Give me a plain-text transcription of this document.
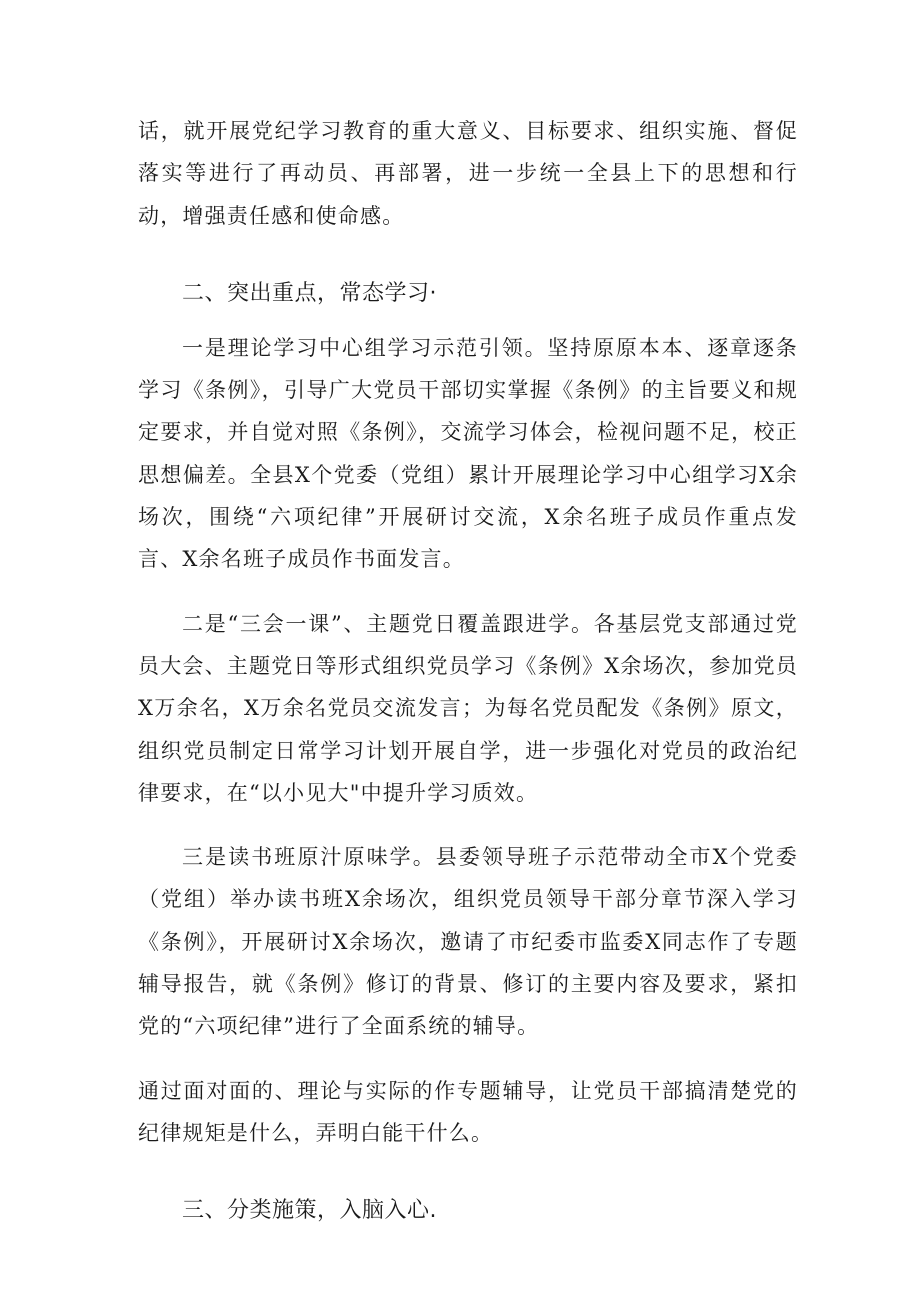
话，就开展党纪学习教育的重大意义、目标要求、组织实施、督促落实等进行了再动员、再部署，进一步统一全县上下的思想和行动，增强责任感和使命感。

二、突出重点，常态学习·

一是理论学习中心组学习示范引领。坚持原原本本、逐章逐条学习《条例》，引导广大党员干部切实掌握《条例》的主旨要义和规定要求，并自觉对照《条例》，交流学习体会，检视问题不足，校正思想偏差。全县X个党委（党组）累计开展理论学习中心组学习X余场次，围绕“六项纪律”开展研讨交流，X余名班子成员作重点发言、X余名班子成员作书面发言。

二是“三会一课”、主题党日覆盖跟进学。各基层党支部通过党员大会、主题党日等形式组织党员学习《条例》X余场次，参加党员X万余名，X万余名党员交流发言；为每名党员配发《条例》原文，组织党员制定日常学习计划开展自学，进一步强化对党员的政治纪律要求，在“以小见大"中提升学习质效。

三是读书班原汁原味学。县委领导班子示范带动全市X个党委（党组）举办读书班X余场次，组织党员领导干部分章节深入学习《条例》，开展研讨X余场次，邀请了市纪委市监委X同志作了专题辅导报告，就《条例》修订的背景、修订的主要内容及要求，紧扣党的“六项纪律”进行了全面系统的辅导。

通过面对面的、理论与实际的作专题辅导，让党员干部搞清楚党的纪律规矩是什么，弄明白能干什么。

三、分类施策，入脑入心.
